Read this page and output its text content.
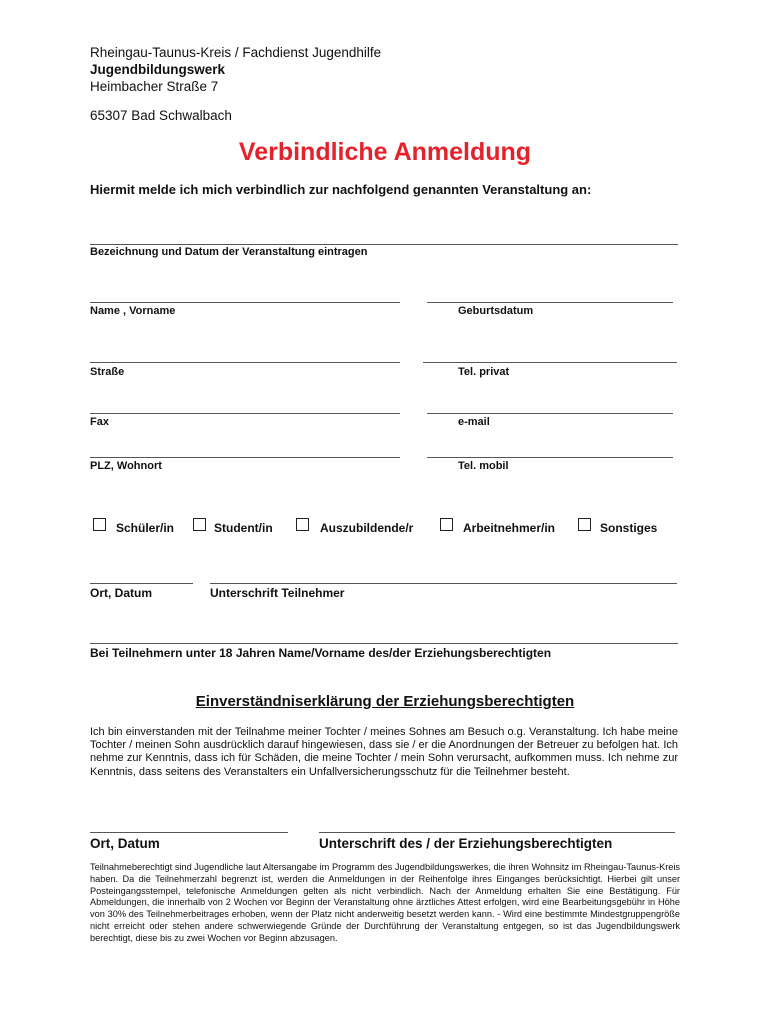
Rheingau-Taunus-Kreis / Fachdienst Jugendhilfe
Jugendbildungswerk
Heimbacher Straße 7
65307 Bad Schwalbach
Verbindliche Anmeldung
Hiermit melde ich mich verbindlich zur nachfolgend genannten Veranstaltung an:
Bezeichnung und Datum der Veranstaltung eintragen
Name , Vorname	Geburtsdatum
Straße	Tel. privat
Fax	e-mail
PLZ, Wohnort	Tel. mobil
Schüler/in	Student/in	Auszubildende/r	Arbeitnehmer/in	Sonstiges
Ort, Datum	Unterschrift Teilnehmer
Bei Teilnehmern unter 18 Jahren Name/Vorname des/der Erziehungsberechtigten
Einverständniserklärung der Erziehungsberechtigten
Ich bin einverstanden mit der Teilnahme meiner Tochter / meines Sohnes am Besuch o.g. Veranstaltung. Ich habe meine Tochter / meinen Sohn ausdrücklich darauf hingewiesen, dass sie / er die Anordnungen der Betreuer zu befolgen hat. Ich nehme zur Kenntnis, dass ich für Schäden, die meine Tochter / mein Sohn verursacht, aufkommen muss. Ich nehme zur Kenntnis, dass seitens des Veranstalters ein Unfallversicherungsschutz für die Teilnehmer besteht.
Ort, Datum	Unterschrift des / der Erziehungsberechtigten
Teilnahmeberechtigt sind Jugendliche laut Altersangabe im Programm des Jugendbildungswerkes, die ihren Wohnsitz im Rheingau-Taunus-Kreis haben. Da die Teilnehmerzahl begrenzt ist, werden die Anmeldungen in der Reihenfolge ihres Einganges berücksichtigt. Hierbei gilt unser Posteingangsstempel, telefonische Anmeldungen gelten als nicht verbindlich. Nach der Anmeldung erhalten Sie eine Bestätigung. Für Abmeldungen, die innerhalb von 2 Wochen vor Beginn der Veranstaltung ohne ärztliches Attest erfolgen, wird eine Bearbeitungsgebühr in Höhe von 30% des Teilnehmerbeitrages erhoben, wenn der Platz nicht anderweitig besetzt werden kann. - Wird eine bestimmte Mindestgruppengröße nicht erreicht oder stehen andere schwerwiegende Gründe der Durchführung der Veranstaltung entgegen, so ist das Jugendbildungswerk berechtigt, diese bis zu zwei Wochen vor Beginn abzusagen.
